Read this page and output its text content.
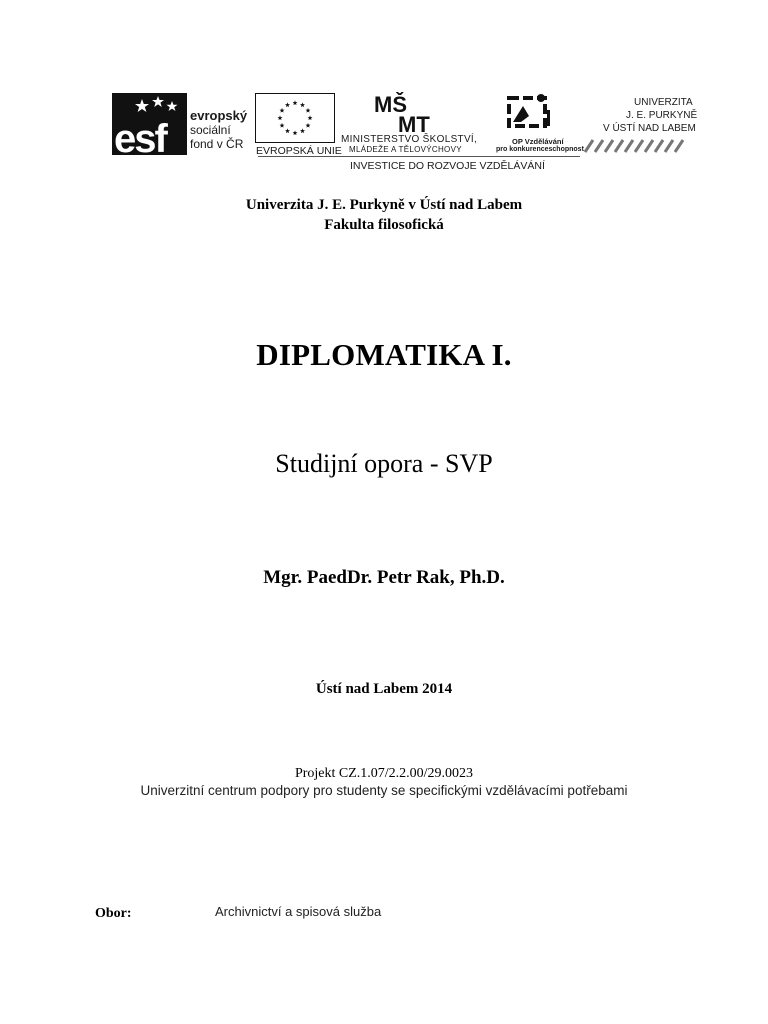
esf
evropský
sociální
fond v ČR EVROPSKÁ UNIE
MŠ
MT
MINISTERSTVO ŠKOLSTVÍ,
MLÁDEŽE A TĚLOVÝCHOVY
OP Vzdělávání
pro konkurenceschopnost
UNIVERZITA
J. E. PURKYNĚ
V ÚSTÍ NAD LABEM
INVESTICE DO ROZVOJE VZDĚLÁVÁNÍ
Univerzita J. E. Purkyně v Ústí nad Labem
Fakulta filosofická
DIPLOMATIKA I.
Studijní opora - SVP
Mgr. PaedDr. Petr Rak, Ph.D.
Ústí nad Labem 2014
Projekt CZ.1.07/2.2.00/29.0023
Univerzitní centrum podpory pro studenty se specifickými vzdělávacími potřebami
Obor:	Archivnictví a spisová služba
